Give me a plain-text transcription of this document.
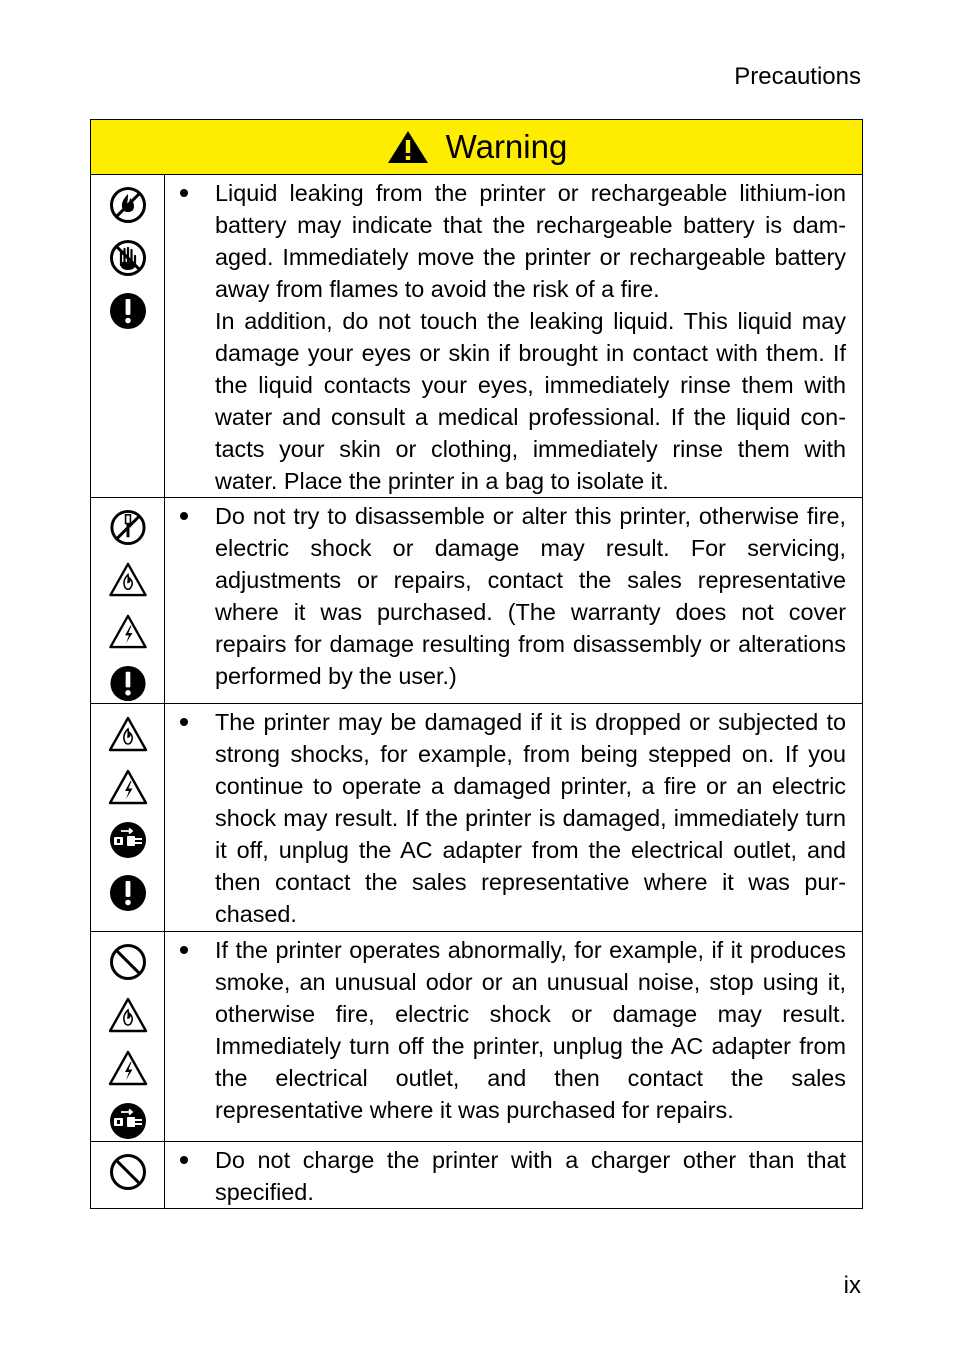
Precautions
Warning

Liquid leaking from the printer or rechargeable lithium-ion battery may indicate that the rechargeable battery is damaged. Immediately move the printer or rechargeable battery away from flames to avoid the risk of a fire.

In addition, do not touch the leaking liquid. This liquid may damage your eyes or skin if brought in contact with them. If the liquid contacts your eyes, immediately rinse them with water and consult a medical professional. If the liquid contacts your skin or clothing, immediately rinse them with water. Place the printer in a bag to isolate it.

Do not try to disassemble or alter this printer, otherwise fire, electric shock or damage may result. For servicing, adjustments or repairs, contact the sales representative where it was purchased. (The warranty does not cover repairs for damage resulting from disassembly or alterations performed by the user.)

The printer may be damaged if it is dropped or subjected to strong shocks, for example, from being stepped on. If you continue to operate a damaged printer, a fire or an electric shock may result. If the printer is damaged, immediately turn it off, unplug the AC adapter from the electrical outlet, and then contact the sales representative where it was purchased.

If the printer operates abnormally, for example, if it produces smoke, an unusual odor or an unusual noise, stop using it, otherwise fire, electric shock or damage may result. Immediately turn off the printer, unplug the AC adapter from the electrical outlet, and then contact the sales representative where it was purchased for repairs.

Do not charge the printer with a charger other than that specified.

ix
